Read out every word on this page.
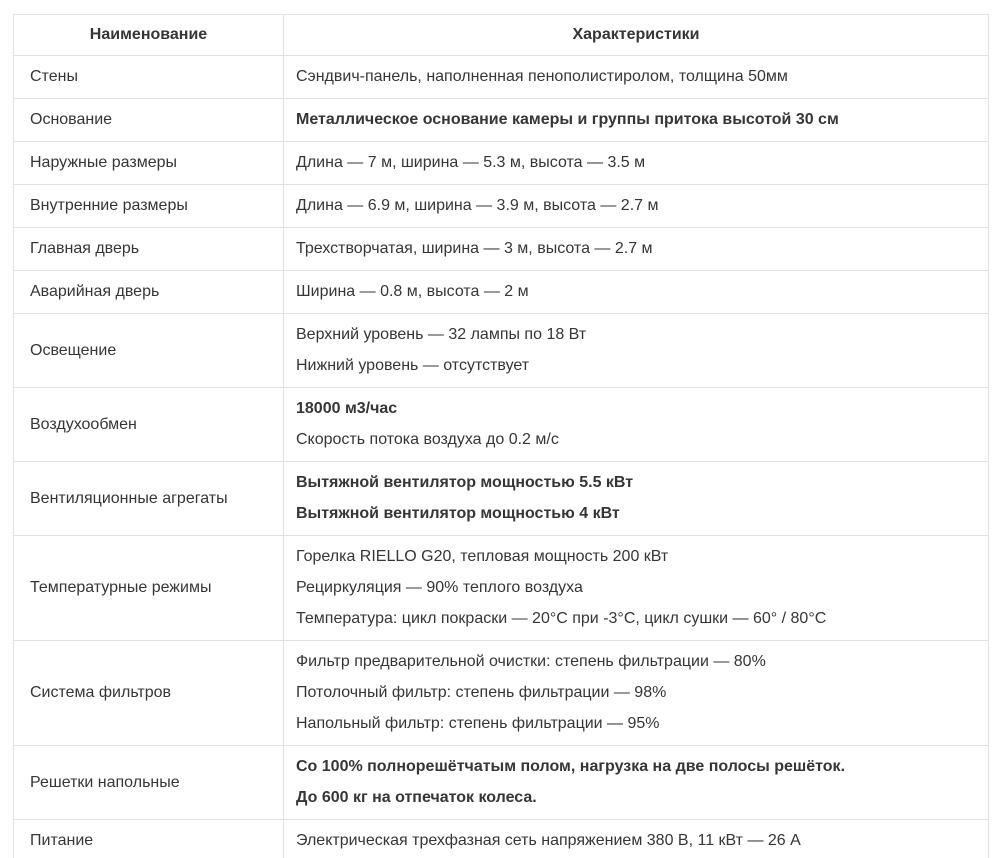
Наименование	Характеристики
Стены	Сэндвич-панель, наполненная пенополистиролом, толщина 50мм

Основание	Металлическое основание камеры и группы притока высотой 30 см

Наружные размеры	Длина — 7 м, ширина — 5.3 м, высота — 3.5 м

Внутренние размеры	Длина — 6.9 м, ширина — 3.9 м, высота — 2.7 м

Главная дверь	Трехстворчатая, ширина — 3 м, высота — 2.7 м

Аварийная дверь	Ширина — 0.8 м, высота — 2 м

Освещение	Верхний уровень — 32 лампы по 18 Вт
Нижний уровень — отсутствует

Воздухообмен	18000 м3/час
Скорость потока воздуха до 0.2 м/с

Вентиляционные агрегаты	Вытяжной вентилятор мощностью 5.5 кВт
Вытяжной вентилятор мощностью 4 кВт

Температурные режимы	Горелка RIELLO G20, тепловая мощность 200 кВт
Рециркуляция — 90% теплого воздуха
Температура: цикл покраски — 20°С при -3°С, цикл сушки — 60° / 80°С

Система фильтров	Фильтр предварительной очистки: степень фильтрации — 80%
Потолочный фильтр: степень фильтрации — 98%
Напольный фильтр: степень фильтрации — 95%

Решетки напольные	Со 100% полнорешётчатым полом, нагрузка на две полосы решёток.
До 600 кг на отпечаток колеса.

Питание	Электрическая трехфазная сеть напряжением 380 В, 11 кВт — 26 А
